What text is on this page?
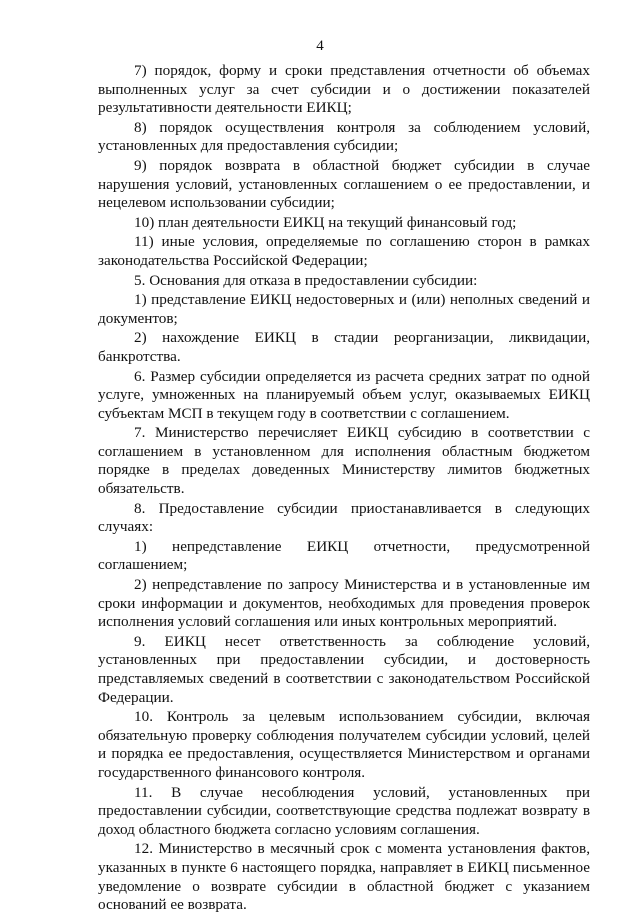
4

7) порядок, форму и сроки представления отчетности об объемах выполненных услуг за счет субсидии и о достижении показателей результативности деятельности ЕИКЦ;

8) порядок осуществления контроля за соблюдением условий, установленных для предоставления субсидии;

9) порядок возврата в областной бюджет субсидии в случае нарушения условий, установленных соглашением о ее предоставлении, и нецелевом использовании субсидии;

10) план деятельности ЕИКЦ на текущий финансовый год;

11) иные условия, определяемые по соглашению сторон в рамках законодательства Российской Федерации;

5. Основания для отказа в предоставлении субсидии:

1) представление ЕИКЦ недостоверных и (или) неполных сведений и документов;

2) нахождение ЕИКЦ в стадии реорганизации, ликвидации, банкротства.

6. Размер субсидии определяется из расчета средних затрат по одной услуге, умноженных на планируемый объем услуг, оказываемых ЕИКЦ субъектам МСП в текущем году в соответствии с соглашением.

7. Министерство перечисляет ЕИКЦ субсидию в соответствии с соглашением в установленном для исполнения областным бюджетом порядке в пределах доведенных Министерству лимитов бюджетных обязательств.

8. Предоставление субсидии приостанавливается в следующих случаях:

1) непредставление ЕИКЦ отчетности, предусмотренной соглашением;

2) непредставление по запросу Министерства и в установленные им сроки информации и документов, необходимых для проведения проверок исполнения условий соглашения или иных контрольных мероприятий.

9. ЕИКЦ несет ответственность за соблюдение условий, установленных при предоставлении субсидии, и достоверность представляемых сведений в соответствии с законодательством Российской Федерации.

10. Контроль за целевым использованием субсидии, включая обязательную проверку соблюдения получателем субсидии условий, целей и порядка ее предоставления, осуществляется Министерством и органами государственного финансового контроля.

11. В случае несоблюдения условий, установленных при предоставлении субсидии, соответствующие средства подлежат возврату в доход областного бюджета согласно условиям соглашения.

12. Министерство в месячный срок с момента установления фактов, указанных в пункте 6 настоящего порядка, направляет в ЕИКЦ письменное уведомление о возврате субсидии в областной бюджет с указанием оснований ее возврата.
